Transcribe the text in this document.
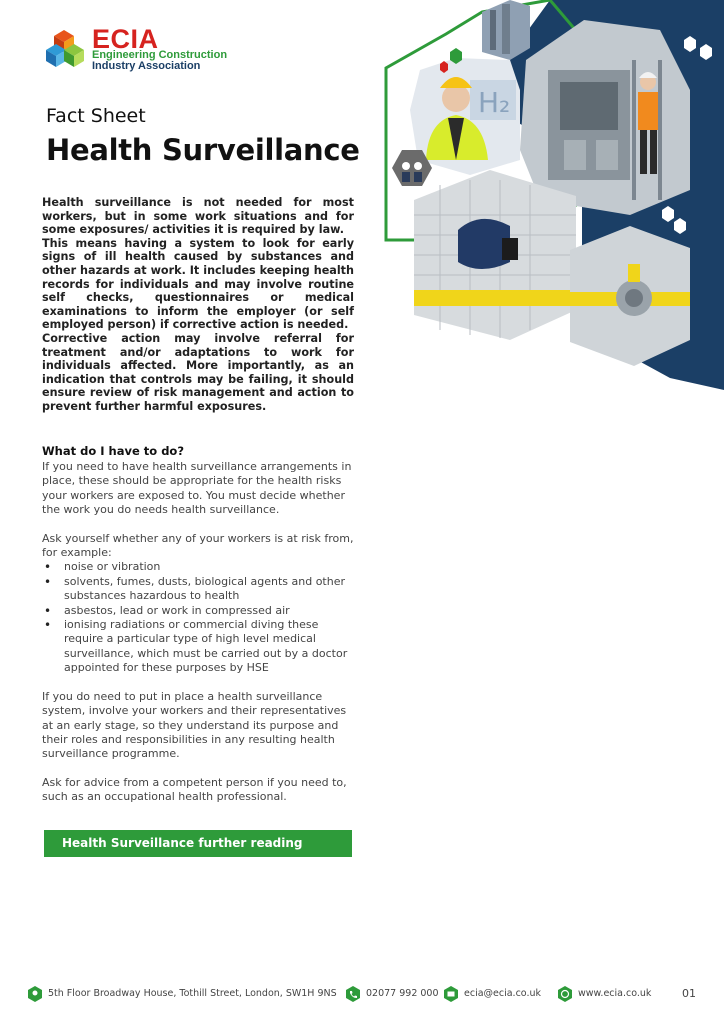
ECIA
Engineering Construction
Industry Association
H₂
Fact Sheet
Health Surveillance

Health surveillance is not needed for most workers, but in some work situations and for some exposures/ activities it is required by law.

This means having a system to look for early signs of ill health caused by substances and other hazards at work. It includes keeping health records for individuals and may involve routine self checks, questionnaires or medical examinations to inform the employer (or self employed person) if corrective action is needed.

Corrective action may involve referral for treatment and/or adaptations to work for individuals affected. More importantly, as an indication that controls may be failing, it should ensure review of risk management and action to prevent further harmful exposures.

What do I have to do?

If you need to have health surveillance arrangements in place, these should be appropriate for the health risks your workers are exposed to. You must decide whether the work you do needs health surveillance.

Ask yourself whether any of your workers is at risk from, for example:

• noise or vibration
• solvents, fumes, dusts, biological agents and other substances hazardous to health
• asbestos, lead or work in compressed air
• ionising radiations or commercial diving these require a particular type of high level medical surveillance, which must be carried out by a doctor appointed for these purposes by HSE

If you do need to put in place a health surveillance system, involve your workers and their representatives at an early stage, so they understand its purpose and their roles and responsibilities in any resulting health surveillance programme.

Ask for advice from a competent person if you need to, such as an occupational health professional.

Health Surveillance further reading
5th Floor Broadway House, Tothill Street, London, SW1H 9NS	02077 992 000	ecia@ecia.co.uk	www.ecia.co.uk	01
